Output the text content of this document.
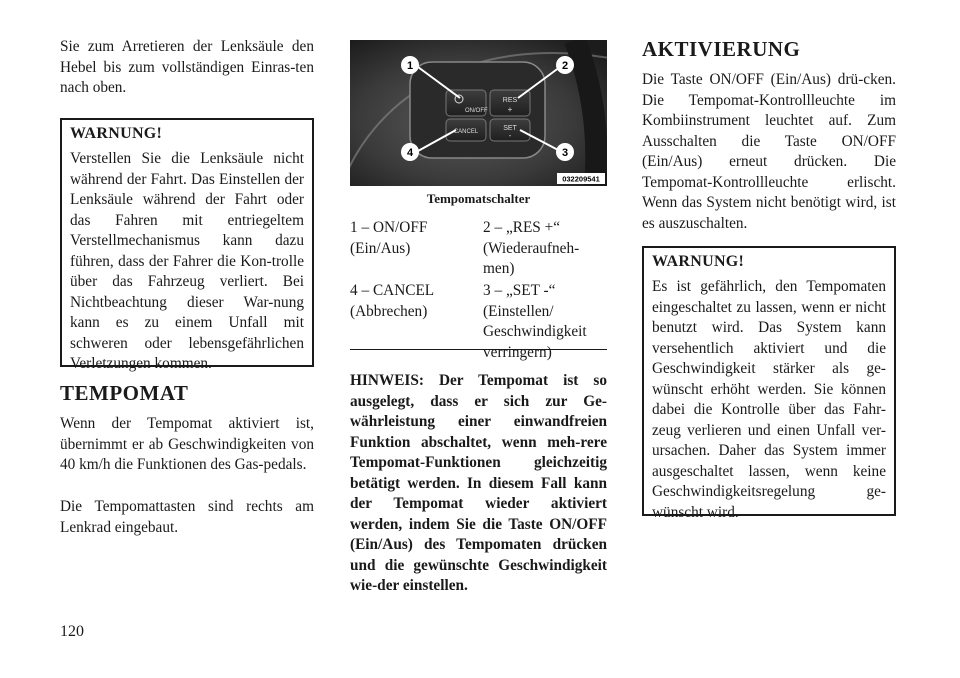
Sie zum Arretieren der Lenksäule den Hebel bis zum vollständigen Einras-ten nach oben.

WARNUNG!

Verstellen Sie die Lenksäule nicht während der Fahrt. Das Einstellen der Lenksäule während der Fahrt oder das Fahren mit entriegeltem Verstellmechanismus kann dazu führen, dass der Fahrer die Kon-trolle über das Fahrzeug verliert. Bei Nichtbeachtung dieser War-nung kann es zu einem Unfall mit schweren oder lebensgefährlichen Verletzungen kommen.

TEMPOMAT

Wenn der Tempomat aktiviert ist, übernimmt er ab Geschwindigkeiten von 40 km/h die Funktionen des Gas-pedals.

Die Tempomattasten sind rechts am Lenkrad eingebaut.

ON/OFF
RES
+
CANCEL	SET
-
1	2
3
4
032209541
Tempomatschalter
1 – ON/OFF
(Ein/Aus)
2 – „RES +“
(Wiederaufneh-
men)
4 – CANCEL
(Abbrechen)
3 – „SET -“
(Einstellen/
Geschwindigkeit
verringern)

HINWEIS: Der Tempomat ist so ausgelegt, dass er sich zur Ge-währleistung einer einwandfreien Funktion abschaltet, wenn meh-rere Tempomat-Funktionen gleichzeitig betätigt werden. In diesem Fall kann der Tempomat wieder aktiviert werden, indem Sie die Taste ON/OFF (Ein/Aus) des Tempomaten drücken und die gewünschte Geschwindigkeit wie-der einstellen.

AKTIVIERUNG

Die Taste ON/OFF (Ein/Aus) drü-cken. Die Tempomat-Kontrollleuchte im Kombiinstrument leuchtet auf. Zum Ausschalten die Taste ON/OFF (Ein/Aus) erneut drücken. Die Tempomat-Kontrollleuchte erlischt. Wenn das System nicht benötigt wird, ist es auszuschalten.

WARNUNG!

Es ist gefährlich, den Tempomaten eingeschaltet zu lassen, wenn er nicht benutzt wird. Das System kann versehentlich aktiviert und die Geschwindigkeit stärker als ge-wünscht erhöht werden. Sie können dabei die Kontrolle über das Fahr-zeug verlieren und einen Unfall ver-ursachen. Daher das System immer ausgeschaltet lassen, wenn keine Geschwindigkeitsregelung ge-wünscht wird.

120
